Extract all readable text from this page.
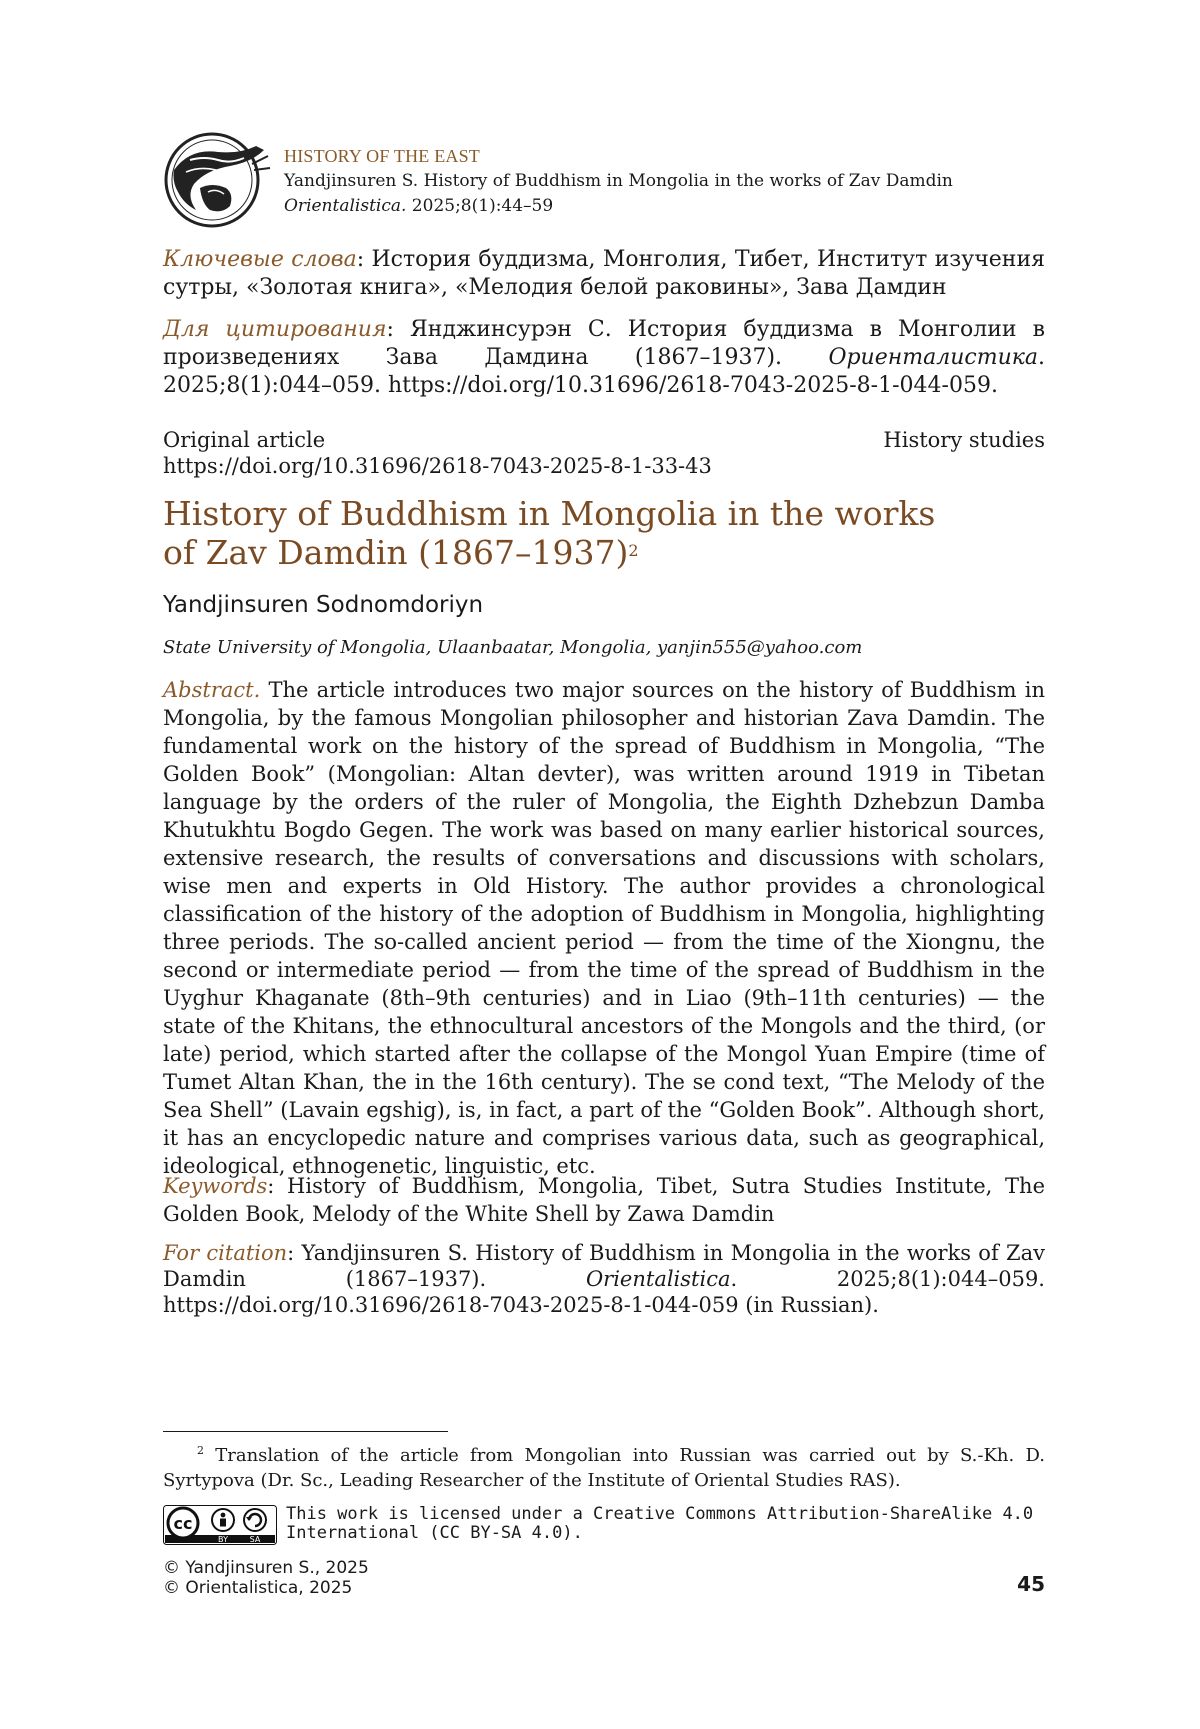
HISTORY OF THE EAST
Yandjinsuren S. History of Buddhism in Mongolia in the works of Zav Damdin
Orientalistica. 2025;8(1):44–59

Ключевые слова: История буддизма, Монголия, Тибет, Институт изучения сутры, «Золотая книга», «Мелодия белой раковины», Зава Дамдин

Для цитирования: Янджинсурэн С. История буддизма в Монголии в произведениях Зава Дамдина (1867–1937). Ориенталистика. 2025;8(1):044–059. https://doi.org/10.31696/2618-7043-2025-8-1-044-059.

Original article	History studies
https://doi.org/10.31696/2618-7043-2025-8-1-33-43
History of Buddhism in Mongolia in the works of Zav Damdin (1867–1937)$^2$
Yandjinsuren Sodnomdoriyn
State University of Mongolia, Ulaanbaatar, Mongolia, yanjin555@yahoo.com

Abstract. The article introduces two major sources on the history of Buddhism in Mongolia, by the famous Mongolian philosopher and historian Zava Damdin. The fundamental work on the history of the spread of Buddhism in Mongolia, “The Golden Book” (Mongolian: Altan devter), was written around 1919 in Tibetan language by the orders of the ruler of Mongolia, the Eighth Dzhebzun Damba Khutukhtu Bogdo Gegen. The work was based on many earlier historical sources, extensive research, the results of conversations and discussions with scholars, wise men and experts in Old History. The author provides a chronological classification of the history of the adoption of Buddhism in Mongolia, highlighting three periods. The so-called ancient period — from the time of the Xiongnu, the second or intermediate period — from the time of the spread of Buddhism in the Uyghur Khaganate (8th–9th centuries) and in Liao (9th–11th centuries) — the state of the Khitans, the ethnocultural ancestors of the Mongols and the third, (or late) period, which started after the collapse of the Mongol Yuan Empire (time of Tumet Altan Khan, the in the 16th century). The se cond text, “The Melody of the Sea Shell” (Lavain egshig), is, in fact, a part of the “Golden Book”. Although short, it has an encyclopedic nature and comprises various data, such as geographical, ideological, ethnogenetic, linguistic, etc.

Keywords: History of Buddhism, Mongolia, Tibet, Sutra Studies Institute, The Golden Book, Melody of the White Shell by Zawa Damdin

For citation: Yandjinsuren S. History of Buddhism in Mongolia in the works of Zav Damdin (1867–1937). Orientalistica. 2025;8(1):044–059. https://doi.org/10.31696/2618-7043-2025-8-1-044-059 (in Russian).

$^2$ Translation of the article from Mongolian into Russian was carried out by S.-Kh. D. Syrtypova (Dr. Sc., Leading Researcher of the Institute of Oriental Studies RAS).

cc
BY	SA
This work is licensed under a Creative Commons Attribution-ShareAlike 4.0 International (CC BY-SA 4.0).
© Yandjinsuren S., 2025
© Orientalistica, 2025	45
